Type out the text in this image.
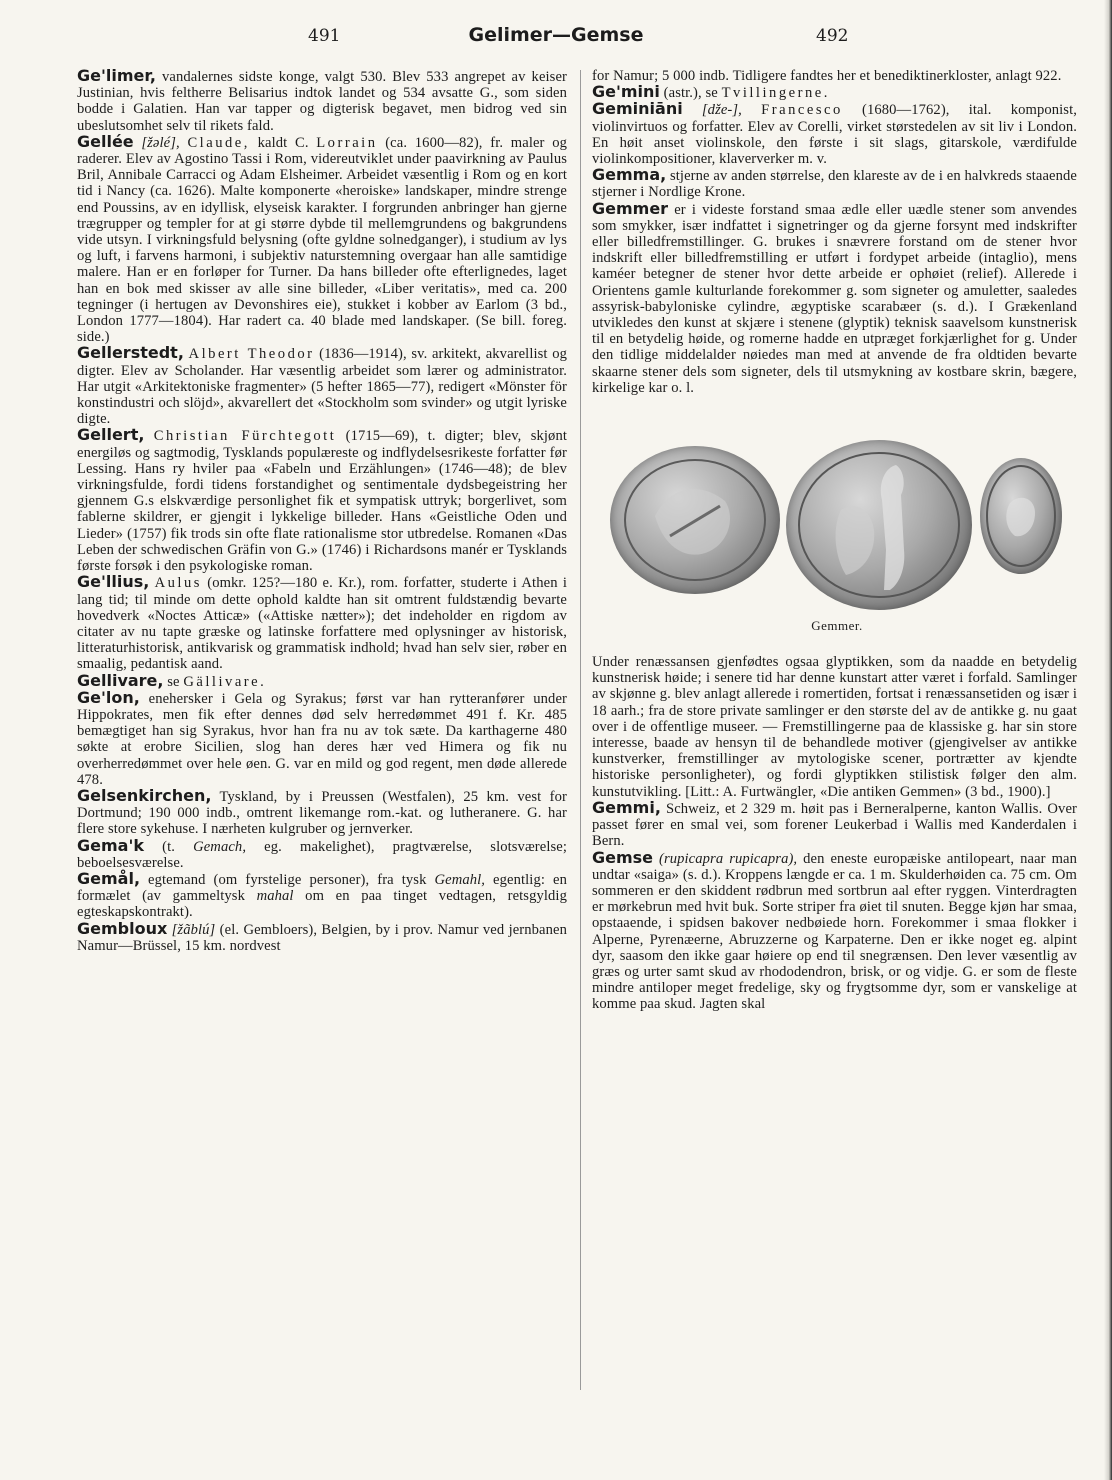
491	Gelimer—Gemse	492

Ge'limer, vandalernes sidste konge, valgt 530. Blev 533 angrepet av keiser Justinian, hvis feltherre Belisarius indtok landet og 534 avsatte G., som siden bodde i Galatien. Han var tapper og digterisk begavet, men bidrog ved sin ubeslutsomhet selv til rikets fald.

Gellée [žəlé], Claude, kaldt C. Lorrain (ca. 1600—82), fr. maler og raderer. Elev av Agostino Tassi i Rom, videreutviklet under paavirkning av Paulus Bril, Annibale Carracci og Adam Elsheimer. Arbeidet væsentlig i Rom og en kort tid i Nancy (ca. 1626). Malte komponerte «heroiske» landskaper, mindre strenge end Poussins, av en idyllisk, elyseisk karakter. I forgrunden anbringer han gjerne trægrupper og templer for at gi større dybde til mellemgrundens og bakgrundens vide utsyn. I virkningsfuld belysning (ofte gyldne solnedganger), i studium av lys og luft, i farvens harmoni, i subjektiv naturstemning overgaar han alle samtidige malere. Han er en forløper for Turner. Da hans billeder ofte efterlignedes, laget han en bok med skisser av alle sine billeder, «Liber veritatis», med ca. 200 tegninger (i hertugen av Devonshires eie), stukket i kobber av Earlom (3 bd., London 1777—1804). Har radert ca. 40 blade med landskaper. (Se bill. foreg. side.)

Gellerstedt, Albert Theodor (1836—1914), sv. arkitekt, akvarellist og digter. Elev av Scholander. Har væsentlig arbeidet som lærer og administrator. Har utgit «Arkitektoniske fragmenter» (5 hefter 1865—77), redigert «Mönster för konstindustri och slöjd», akvarellert det «Stockholm som svinder» og utgit lyriske digte.

Gellert, Christian Fürchtegott (1715—69), t. digter; blev, skjønt energiløs og sagtmodig, Tysklands populæreste og indflydelsesrikeste forfatter før Lessing. Hans ry hviler paa «Fabeln und Erzählungen» (1746—48); de blev virkningsfulde, fordi tidens forstandighet og sentimentale dydsbegeistring her gjennem G.s elskværdige personlighet fik et sympatisk uttryk; borgerlivet, som fablerne skildrer, er gjengit i lykkelige billeder. Hans «Geistliche Oden und Lieder» (1757) fik trods sin ofte flate rationalisme stor utbredelse. Romanen «Das Leben der schwedischen Gräfin von G.» (1746) i Richardsons manér er Tysklands første forsøk i den psykologiske roman.

Ge'llius, Aulus (omkr. 125?—180 e. Kr.), rom. forfatter, studerte i Athen i lang tid; til minde om dette ophold kaldte han sit omtrent fuldstændig bevarte hovedverk «Noctes Atticæ» («Attiske nætter»); det indeholder en rigdom av citater av nu tapte græske og latinske forfattere med oplysninger av historisk, litteraturhistorisk, antikvarisk og grammatisk indhold; hvad han selv sier, røber en smaalig, pedantisk aand.

Gellivare, se Gällivare.

Ge'lon, enehersker i Gela og Syrakus; først var han rytteranfører under Hippokrates, men fik efter dennes død selv herredømmet 491 f. Kr. 485 bemægtiget han sig Syrakus, hvor han fra nu av tok sæte. Da karthagerne 480 søkte at erobre Sicilien, slog han deres hær ved Himera og fik nu overherredømmet over hele øen. G. var en mild og god regent, men døde allerede 478.

Gelsenkirchen, Tyskland, by i Preussen (Westfalen), 25 km. vest for Dortmund; 190 000 indb., omtrent likemange rom.-kat. og lutheranere. G. har flere store sykehuse. I nærheten kulgruber og jernverker.

Gema'k (t. Gemach, eg. makelighet), pragtværelse, slotsværelse; beboelsesværelse.

Gemål, egtemand (om fyrstelige personer), fra tysk Gemahl, egentlig: en formælet (av gammeltysk mahal om en paa tinget vedtagen, retsgyldig egteskapskontrakt).

Gembloux [žãblú] (el. Gembloers), Belgien, by i prov. Namur ved jernbanen Namur—Brüssel, 15 km. nordvest

for Namur; 5 000 indb. Tidligere fandtes her et benediktinerkloster, anlagt 922.

Ge'mini (astr.), se Tvillingerne.

Geminiāni [dže-], Francesco (1680—1762), ital. komponist, violinvirtuos og forfatter. Elev av Corelli, virket størstedelen av sit liv i London. En høit anset violinskole, den første i sit slags, gitarskole, værdifulde violinkompositioner, klaververker m. v.

Gemma, stjerne av anden størrelse, den klareste av de i en halvkreds staaende stjerner i Nordlige Krone.

Gemmer er i videste forstand smaa ædle eller uædle stener som anvendes som smykker, især indfattet i signetringer og da gjerne forsynt med indskrifter eller billedfremstillinger. G. brukes i snævrere forstand om de stener hvor indskrift eller billedfremstilling er utført i fordypet arbeide (intaglio), mens kaméer betegner de stener hvor dette arbeide er ophøiet (relief). Allerede i Orientens gamle kulturlande forekommer g. som signeter og amuletter, saaledes assyrisk-babyloniske cylindre, ægyptiske scarabæer (s. d.). I Grækenland utvikledes den kunst at skjære i stenene (glyptik) teknisk saavelsom kunstnerisk til en betydelig høide, og romerne hadde en utpræget forkjærlighet for g. Under den tidlige middelalder nøiedes man med at anvende de fra oldtiden bevarte skaarne stener dels som signeter, dels til utsmykning av kostbare skrin, bægere, kirkelige kar o. l.

Gemmer.

Under renæssansen gjenfødtes ogsaa glyptikken, som da naadde en betydelig kunstnerisk høide; i senere tid har denne kunstart atter været i forfald. Samlinger av skjønne g. blev anlagt allerede i romertiden, fortsat i renæssansetiden og især i 18 aarh.; fra de store private samlinger er den største del av de antikke g. nu gaat over i de offentlige museer. — Fremstillingerne paa de klassiske g. har sin store interesse, baade av hensyn til de behandlede motiver (gjengivelser av antikke kunstverker, fremstillinger av mytologiske scener, portrætter av kjendte historiske personligheter), og fordi glyptikken stilistisk følger den alm. kunstutvikling. [Litt.: A. Furtwängler, «Die antiken Gemmen» (3 bd., 1900).]

Gemmi, Schweiz, et 2 329 m. høit pas i Berneralperne, kanton Wallis. Over passet fører en smal vei, som forener Leukerbad i Wallis med Kanderdalen i Bern.

Gemse (rupicapra rupicapra), den eneste europæiske antilopeart, naar man undtar «saiga» (s. d.). Kroppens længde er ca. 1 m. Skulderhøiden ca. 75 cm. Om sommeren er den skiddent rødbrun med sortbrun aal efter ryggen. Vinterdragten er mørkebrun med hvit buk. Sorte striper fra øiet til snuten. Begge kjøn har smaa, opstaaende, i spidsen bakover nedbøiede horn. Forekommer i smaa flokker i Alperne, Pyrenæerne, Abruzzerne og Karpaterne. Den er ikke noget eg. alpint dyr, saasom den ikke gaar høiere op end til snegrænsen. Den lever væsentlig av græs og urter samt skud av rhododendron, brisk, or og vidje. G. er som de fleste mindre antiloper meget fredelige, sky og frygtsomme dyr, som er vanskelige at komme paa skud. Jagten skal
